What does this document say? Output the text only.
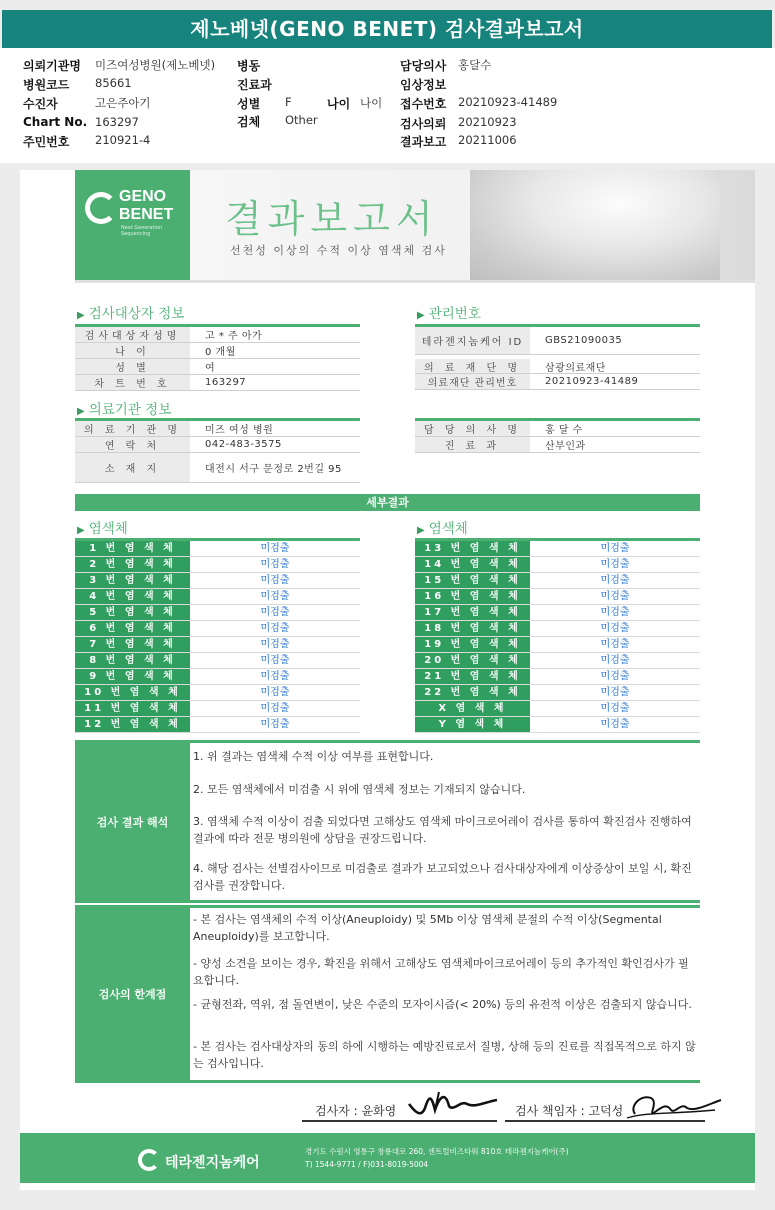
제노베넷(GENO BENET) 검사결과보고서
의뢰기관명 미즈여성병원(제노베넷)
병원코드 85661
수진자	고은주아기
Chart No. 163297
주민번호 210921-4
병동
진료과
성별 F	나이 나이
검체 Other
담당의사 홍달수
임상정보
접수번호 20210923-41489
검사의뢰 20210923
결과보고 20211006
GENO
BENET
Next Generation Sequencing	결과보고서
선천성 이상의 수적 이상 염색체 검사
▶ 검사대상자 정보
검사대상자성명	고 * 주 아가
나 이	0 개월
성 별	여
차 트 번 호	163297
▶ 관리번호
테라젠지놈케어 ID	GBS21090035
의 료 재 단 명	삼광의료재단
의료재단 관리번호	20210923-41489
▶ 의료기관 정보
의 료 기 관 명	미즈 여성 병원
연 락 처	042-483-3575
소 재 지	대전시 서구 문정로 2번길 95
담 당 의 사 명	홍 달 수
진 료 과	산부인과
세부결과
▶ 염색체	▶ 염색체
1 번 염 색 체	미검출
2 번 염 색 체	미검출
3 번 염 색 체	미검출
4 번 염 색 체	미검출
5 번 염 색 체	미검출
6 번 염 색 체	미검출
7 번 염 색 체	미검출
8 번 염 색 체	미검출
9 번 염 색 체	미검출
10 번 염 색 체	미검출
11 번 염 색 체	미검출
12 번 염 색 체	미검출
13 번 염 색 체	미검출
14 번 염 색 체	미검출
15 번 염 색 체	미검출
16 번 염 색 체	미검출
17 번 염 색 체	미검출
18 번 염 색 체	미검출
19 번 염 색 체	미검출
20 번 염 색 체	미검출
21 번 염 색 체	미검출
22 번 염 색 체	미검출
X 염 색 체	미검출
Y 염 색 체	미검출
검사 결과 해석

1. 위 결과는 염색체 수적 이상 여부를 표현합니다.

2. 모든 염색체에서 미검출 시 위에 염색체 정보는 기재되지 않습니다.

3. 염색체 수적 이상이 검출 되었다면 고해상도 염색체 마이크로어레이 검사를 통하여 확진검사 진행하여 결과에 따라 전문 병의원에 상담을 권장드립니다.

4. 해당 검사는 선별검사이므로 미검출로 결과가 보고되었으나 검사대상자에게 이상증상이 보일 시, 확진검사를 권장합니다.

검사의 한계점

- 본 검사는 염색체의 수적 이상(Aneuploidy) 및 5Mb 이상 염색체 분절의 수적 이상(Segmental Aneuploidy)를 보고합니다.

- 양성 소견을 보이는 경우, 확진을 위해서 고해상도 염색체마이크로어레이 등의 추가적인 확인검사가 필요합니다.

- 균형전좌, 역위, 점 돌연변이, 낮은 수준의 모자이시즘(< 20%) 등의 유전적 이상은 검출되지 않습니다.

- 본 검사는 검사대상자의 동의 하에 시행하는 예방진료로서 질병, 상해 등의 진료를 직접목적으로 하지 않는 검사입니다.

검사자 : 윤화영	검사 책임자 : 고덕성
테라젠지놈케어
경기도 수원시 영통구 창룡대로 260, 센트럴비즈타워 810호 테라젠지놈케어(주)
T) 1544-9771 / F)031-8019-5004
